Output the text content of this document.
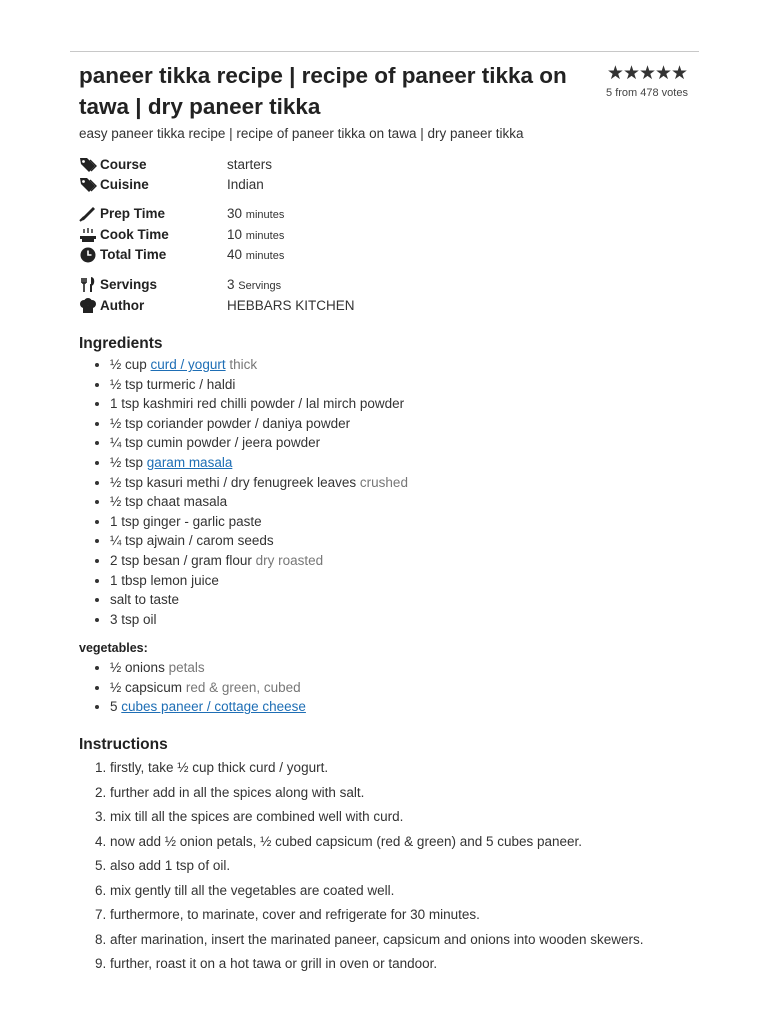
paneer tikka recipe | recipe of paneer tikka on tawa | dry paneer tikka
★★★★★
5 from 478 votes
easy paneer tikka recipe | recipe of paneer tikka on tawa | dry paneer tikka
Course	starters
Cuisine	Indian
Prep Time	30 minutes
Cook Time	10 minutes
Total Time	40 minutes
Servings	3 Servings
Author	HEBBARS KITCHEN
Ingredients
• ½ cup curd / yogurt thick
• ½ tsp turmeric / haldi
• 1 tsp kashmiri red chilli powder / lal mirch powder
• ½ tsp coriander powder / daniya powder
• ¼ tsp cumin powder / jeera powder
• ½ tsp garam masala
• ½ tsp kasuri methi / dry fenugreek leaves crushed
• ½ tsp chaat masala
• 1 tsp ginger - garlic paste
• ¼ tsp ajwain / carom seeds
• 2 tsp besan / gram flour dry roasted
• 1 tbsp lemon juice
• salt to taste
• 3 tsp oil
vegetables:
• ½ onions petals
• ½ capsicum red & green, cubed
• 5 cubes paneer / cottage cheese
Instructions
1. firstly, take ½ cup thick curd / yogurt.
2. further add in all the spices along with salt.
3. mix till all the spices are combined well with curd.
4. now add ½ onion petals, ½ cubed capsicum (red & green) and 5 cubes paneer.
5. also add 1 tsp of oil.
6. mix gently till all the vegetables are coated well.
7. furthermore, to marinate, cover and refrigerate for 30 minutes.
8. after marination, insert the marinated paneer, capsicum and onions into wooden skewers.
9. further, roast it on a hot tawa or grill in oven or tandoor.
